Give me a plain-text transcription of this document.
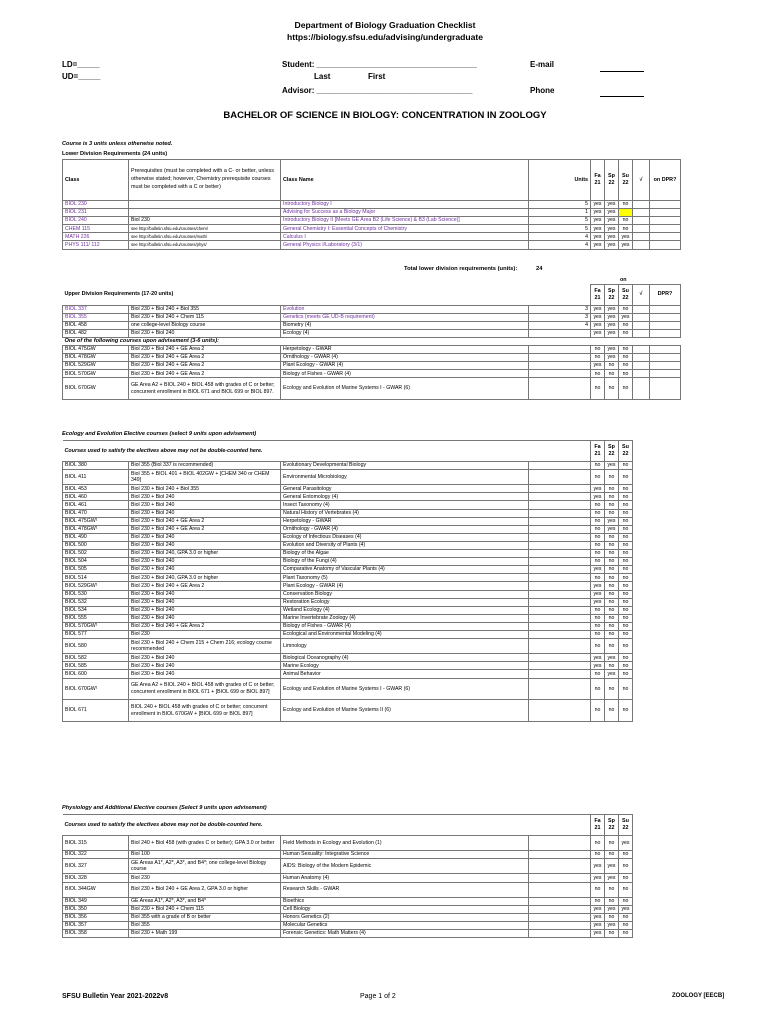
Department of Biology Graduation Checklist
https://biology.sfsu.edu/advising/undergraduate
LD=_____
UD=_____
Student: ____________________________________
Last	First
Advisor: ___________________________________
E-mail
Phone
BACHELOR OF SCIENCE IN BIOLOGY: CONCENTRATION IN ZOOLOGY
Course is 3 units unless otherwise noted.
Lower Division Requirements (24 units)
Class	Prerequisites (must be completed with a C- or better, unless otherwise stated; however, Chemistry prerequisite courses must be completed with a C or better)	Class Name	Units	Fa 21	Sp 22	Su 22	√	on DPR?
BIOL 230		Introductory Biology I	5	yes	yes	no		
BIOL 231		Advising for Success as a Biology Major	1	yes	yes			
BIOL 240	Biol 230	Introductory Biology II [Meets GE Area B2 (Life Science) & B3 (Lab Science)]	5	yes	yes	no		
CHEM 115	see http://bulletin.sfsu.edu/courses/chem/	General Chemistry I: Essential Concepts of Chemistry	5	yes	yes	no		
MATH 226	see http://bulletin.sfsu.edu/courses/math/	Calculus I	4	yes	yes	yes		
PHYS 111/ 112	see http://bulletin.sfsu.edu/courses/phys/	General Physics I/Laboratory (3/1)	4	yes	yes	yes		
Total lower division requirements (units):	24
on
Upper Division Requirements (17-20 units)				Fa 21	Sp 22	Su 22	√	DPR?
BIOL 337	Biol 230 + Biol 240 + Biol 355	Evolution	3	yes	yes	no		
BIOL 355	Biol 230 + Biol 240 + Chem 115	Genetics (meets GE UD-B requirement)	3	yes	yes	yes		
BIOL 458	one college-level Biology course	Biometry (4)	4	yes	yes	no		
BIOL 482	Biol 230 + Biol 240	Ecology (4)		yes	yes	no		
One of the following courses upon advisement (3-6 units):								
BIOL 475GW	Biol 230 + Biol 240 + GE Area 2	Herpetology - GWAR		no	yes	no		
BIOL 478GW	Biol 230 + Biol 240 + GE Area 2	Ornithology - GWAR (4)		no	yes	no		
BIOL 529GW	Biol 230 + Biol 240 + GE Area 2	Plant Ecology - GWAR (4)		yes	no	no		
BIOL 570GW	Biol 230 + Biol 240 + GE Area 2	Biology of Fishes - GWAR (4)		no	no	no		
BIOL 670GW	GE Area A2 + BIOL 240 + BIOL 458 with grades of C or better; concurrent enrollment in BIOL 671 and BIOL 699 or BIOL 897.	Ecology and Evolution of Marine Systems I - GWAR (6)		no	no	no		
Ecology and Evolution Elective courses (select 9 units upon advisement)
Courses used to satisfy the electives above may not be double-counted here.				Fa 21	Sp 22	Su 22		
BIOL 380	Biol 355 (Biol 337 is recommended)	Evolutionary Developmental Biology		no	yes	no		
BIOL 411	Biol 355 + BIOL 401 + BIOL 402GW + [CHEM 340 or CHEM 349]	Environmental Microbiology		no	no	no		
BIOL 453	Biol 230 + Biol 240 + Biol 355	General Parasitology		yes	no	no		
BIOL 460	Biol 230 + Biol 240	General Entomology (4)		yes	no	no		
BIOL 461	Biol 230 + Biol 240	Insect Taxonomy (4)		no	no	no		
BIOL 470	Biol 230 + Biol 240	Natural History of Vertebrates (4)		no	no	no		
BIOL 475GW¹	Biol 230 + Biol 240 + GE Area 2	Herpetology - GWAR		no	yes	no		
BIOL 478GW¹	Biol 230 + Biol 240 + GE Area 2	Ornithology - GWAR (4)		no	yes	no		
BIOL 490	Biol 230 + Biol 240	Ecology of Infectious Diseases (4)		no	no	no		
BIOL 500	Biol 230 + Biol 240	Evolution and Diversity of Plants (4)		no	no	no		
BIOL 502	Biol 230 + Biol 240, GPA 3.0 or higher	Biology of the Algae		no	no	no		
BIOL 504	Biol 230 + Biol 240	Biology of the Fungi (4)		no	no	no		
BIOL 505	Biol 230 + Biol 240	Comparative Anatomy of Vascular Plants (4)		yes	no	no		
BIOL 514	Biol 230 + Biol 240, GPA 3.0 or higher	Plant Taxonomy (5)		no	no	no		
BIOL 529GW¹	Biol 230 + Biol 240 + GE Area 2	Plant Ecology - GWAR (4)		yes	no	no		
BIOL 530	Biol 230 + Biol 240	Conservation Biology		yes	no	no		
BIOL 532	Biol 230 + Biol 240	Restoration Ecology		yes	no	no		
BIOL 534	Biol 230 + Biol 240	Wetland Ecology (4)		no	no	no		
BIOL 555	Biol 230 + Biol 240	Marine Invertebrate Zoology (4)		no	no	no		
BIOL 570GW¹	Biol 230 + Biol 240 + GE Area 2	Biology of Fishes - GWAR (4)		no	no	no		
BIOL 577	Biol 230	Ecological and Environmental Modeling (4)		no	no	no		
BIOL 580	Biol 230 + Biol 240 + Chem 215 + Chem 216; ecology course recommended	Limnology		no	no	no		
BIOL 582	Biol 230 + Biol 240	Biological Oceanography (4)		yes	yes	no		
BIOL 585	Biol 230 + Biol 240	Marine Ecology		yes	no	no		
BIOL 600	Biol 230 + Biol 240	Animal Behavior		no	yes	no		
BIOL 670GW¹	GE Area A2 + BIOL 240 + BIOL 458 with grades of C or better; concurrent enrollment in BIOL 671 + [BIOL 699 or BIOL 897]	Ecology and Evolution of Marine Systems I - GWAR (6)		no	no	no		
BIOL 671	BIOL 240 + BIOL 458 with grades of C or better; concurrent enrollment in BIOL 670GW + [BIOL 699 or BIOL 897]	Ecology and Evolution of Marine Systems II (6)		no	no	no		
Physiology and Additional Elective courses (Select 9 units upon advisement)
Courses used to satisfy the electives above may not be double-counted here.				Fa 21	Sp 22	Su 22		
BIOL 315	Biol 240 + Biol 458 (with grades C or better); GPA 3.0 or better	Field Methods in Ecology and Evolution (1)		no	no	yes		
BIOL 322	Biol 100	Human Sexuality: Integrative Science		no	no	no		
BIOL 327	GE Areas A1*, A2*, A3*, and B4*; one college-level Biology course	AIDS: Biology of the Modern Epidemic		yes	yes	no		
BIOL 328	Biol 230	Human Anatomy (4)		yes	yes	no		
BIOL 344GW	Biol 230 + Biol 240 + GE Area 2, GPA 3.0 or higher	Research Skills - GWAR		no	no	no		
BIOL 349	GE Areas A1*, A2*, A3*, and B4*	Bioethics		no	no	no		
BIOL 350	Biol 230 + Biol 240 + Chem 115	Cell Biology		yes	yes	yes		
BIOL 356	Biol 355 with a grade of B or better	Honors Genetics (2)		yes	no	no		
BIOL 357	Biol 355	Molecular Genetics		yes	yes	no		
BIOL 358	Biol 230 + Math 199	Forensic Genetics: Math Matters (4)		yes	no	no		
SFSU Bulletin Year 2021-2022v8	Page 1 of 2	ZOOLOGY [EECB]
